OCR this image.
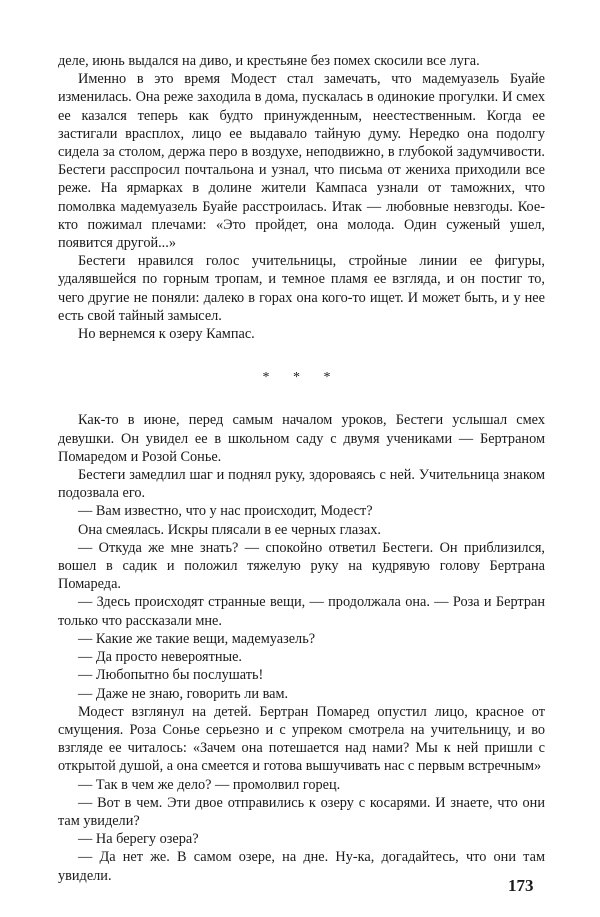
деле, июнь выдался на диво, и крестьяне без помех скосили все луга.

Именно в это время Модест стал замечать, что мадемуазель Буайе изменилась. Она реже заходила в дома, пускалась в одинокие прогулки. И смех ее казался теперь как будто принужденным, неестественным. Когда ее застигали врасплох, лицо ее выдавало тайную думу. Нередко она подолгу сидела за столом, держа перо в воздухе, неподвижно, в глубокой задумчивости. Бестеги расспросил почтальона и узнал, что письма от жениха приходили все реже. На ярмарках в долине жители Кампаса узнали от таможних, что помолвка мадемуазель Буайе расстроилась. Итак — любовные невзгоды. Кое-кто пожимал плечами: «Это пройдет, она молода. Один суженый ушел, появится другой...»

Бестеги нравился голос учительницы, стройные линии ее фигуры, удалявшейся по горным тропам, и темное пламя ее взгляда, и он постиг то, чего другие не поняли: далеко в горах она кого-то ищет. И может быть, и у нее есть свой тайный замысел.

Но вернемся к озеру Кампас.

* * *

Как-то в июне, перед самым началом уроков, Бестеги услышал смех девушки. Он увидел ее в школьном саду с двумя учениками — Бертраном Помаредом и Розой Сонье.

Бестеги замедлил шаг и поднял руку, здороваясь с ней. Учительница знаком подозвала его.

— Вам известно, что у нас происходит, Модест?

Она смеялась. Искры плясали в ее черных глазах.

— Откуда же мне знать? — спокойно ответил Бестеги. Он приблизился, вошел в садик и положил тяжелую руку на кудрявую голову Бертрана Помареда.

— Здесь происходят странные вещи, — продолжала она. — Роза и Бертран только что рассказали мне.

— Какие же такие вещи, мадемуазель?

— Да просто невероятные.

— Любопытно бы послушать!

— Даже не знаю, говорить ли вам.

Модест взглянул на детей. Бертран Помаред опустил лицо, красное от смущения. Роза Сонье серьезно и с упреком смотрела на учительницу, и во взгляде ее читалось: «Зачем она потешается над нами? Мы к ней пришли с открытой душой, а она смеется и готова вышучивать нас с первым встречным»

— Так в чем же дело? — промолвил горец.

— Вот в чем. Эти двое отправились к озеру с косарями. И знаете, что они там увидели?

— На берегу озера?

— Да нет же. В самом озере, на дне. Ну-ка, догадайтесь, что они там увидели.

173
